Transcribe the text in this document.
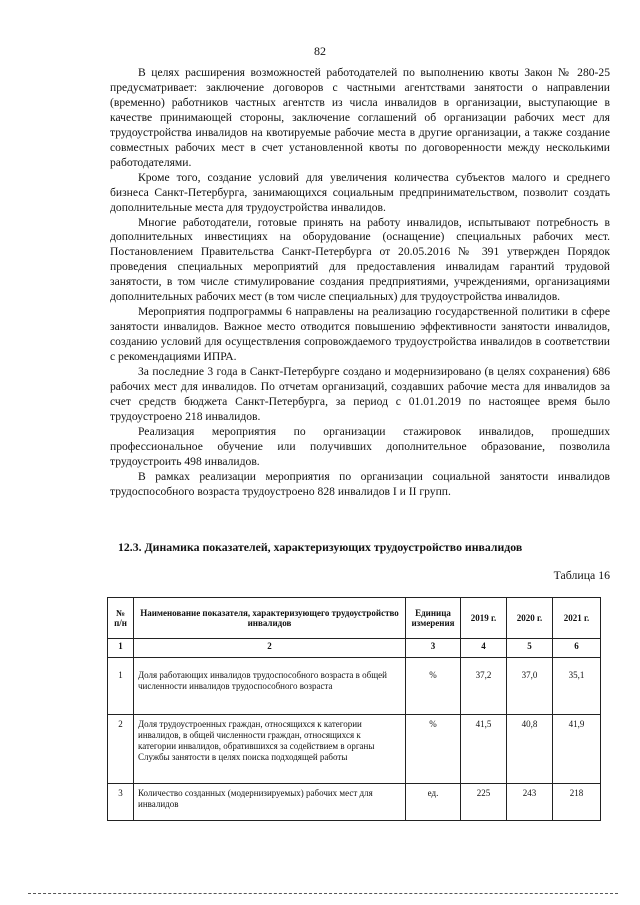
82

В целях расширения возможностей работодателей по выполнению квоты Закон № 280-25 предусматривает: заключение договоров с частными агентствами занятости о направлении (временно) работников частных агентств из числа инвалидов в организации, выступающие в качестве принимающей стороны, заключение соглашений об организации рабочих мест для трудоустройства инвалидов на квотируемые рабочие места в другие организации, а также создание совместных рабочих мест в счет установленной квоты по договоренности между несколькими работодателями.

Кроме того, создание условий для увеличения количества субъектов малого и среднего бизнеса Санкт-Петербурга, занимающихся социальным предпринимательством, позволит создать дополнительные места для трудоустройства инвалидов.

Многие работодатели, готовые принять на работу инвалидов, испытывают потребность в дополнительных инвестициях на оборудование (оснащение) специальных рабочих мест. Постановлением Правительства Санкт-Петербурга от 20.05.2016 № 391 утвержден Порядок проведения специальных мероприятий для предоставления инвалидам гарантий трудовой занятости, в том числе стимулирование создания предприятиями, учреждениями, организациями дополнительных рабочих мест (в том числе специальных) для трудоустройства инвалидов.

Мероприятия подпрограммы 6 направлены на реализацию государственной политики в сфере занятости инвалидов. Важное место отводится повышению эффективности занятости инвалидов, созданию условий для осуществления сопровождаемого трудоустройства инвалидов в соответствии с рекомендациями ИПРА.

За последние 3 года в Санкт-Петербурге создано и модернизировано (в целях сохранения) 686 рабочих мест для инвалидов. По отчетам организаций, создавших рабочие места для инвалидов за счет средств бюджета Санкт-Петербурга, за период с 01.01.2019 по настоящее время было трудоустроено 218 инвалидов.

Реализация мероприятия по организации стажировок инвалидов, прошедших профессиональное обучение или получивших дополнительное образование, позволила трудоустроить 498 инвалидов.

В рамках реализации мероприятия по организации социальной занятости инвалидов трудоспособного возраста трудоустроено 828 инвалидов I и II групп.

12.3. Динамика показателей, характеризующих трудоустройство инвалидов
Таблица 16
№ п/н	Наименование показателя, характеризующего трудоустройство инвалидов	Единица измерения	2019 г.	2020 г.	2021 г.
1	2	3	4	5	6
1	Доля работающих инвалидов трудоспособного возраста в общей численности инвалидов трудоспособного возраста	%	37,2	37,0	35,1
2	Доля трудоустроенных граждан, относящихся к категории инвалидов, в общей численности граждан, относящихся к категории инвалидов, обратившихся за содействием в органы Службы занятости в целях поиска подходящей работы	%	41,5	40,8	41,9
3	Количество созданных (модернизируемых) рабочих мест для инвалидов	ед.	225	243	218
